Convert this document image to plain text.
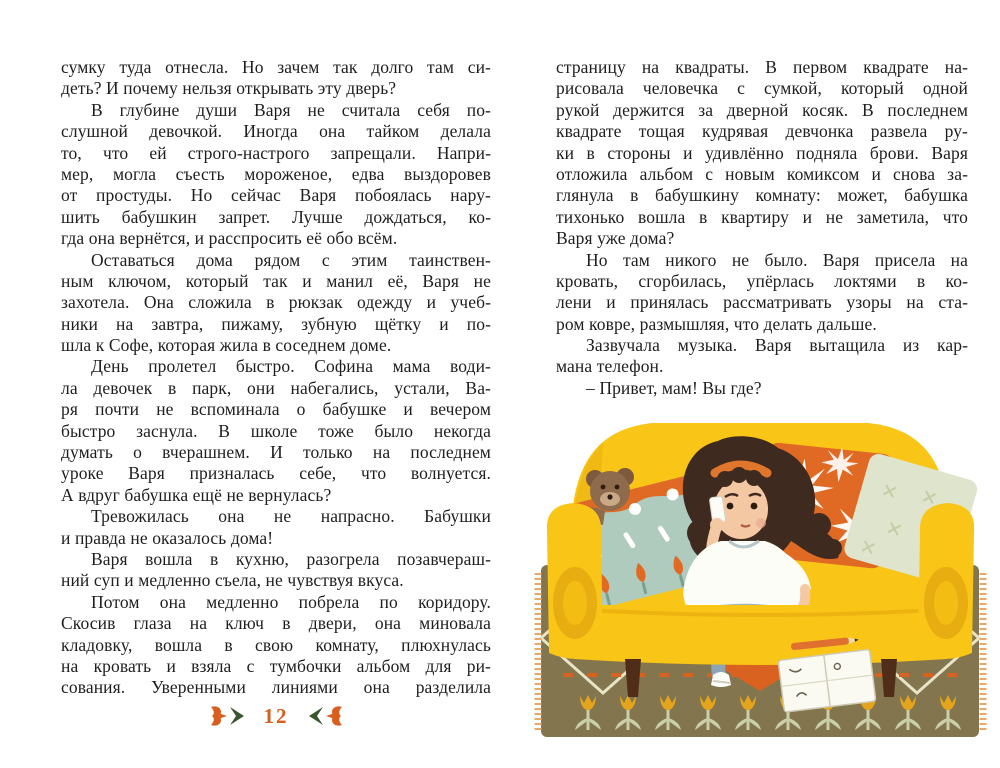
сумку туда отнесла. Но зачем так долго там си-
деть? И почему нельзя открывать эту дверь?
В глубине души Варя не считала себя по-
слушной девочкой. Иногда она тайком делала
то, что ей строго-настрого запрещали. Напри-
мер, могла съесть мороженое, едва выздоровев
от простуды. Но сейчас Варя побоялась нару-
шить бабушкин запрет. Лучше дождаться, ко-
гда она вернётся, и расспросить её обо всём.
Оставаться дома рядом с этим таинствен-
ным ключом, который так и манил её, Варя не
захотела. Она сложила в рюкзак одежду и учеб-
ники на завтра, пижаму, зубную щётку и по-
шла к Софе, которая жила в соседнем доме.
День пролетел быстро. Софина мама води-
ла девочек в парк, они набегались, устали, Ва-
ря почти не вспоминала о бабушке и вечером
быстро заснула. В школе тоже было некогда
думать о вчерашнем. И только на последнем
уроке Варя призналась себе, что волнуется.
А вдруг бабушка ещё не вернулась?
Тревожилась она не напрасно. Бабушки
и правда не оказалось дома!
Варя вошла в кухню, разогрела позавчераш-
ний суп и медленно съела, не чувствуя вкуса.
Потом она медленно побрела по коридору.
Скосив глаза на ключ в двери, она миновала
кладовку, вошла в свою комнату, плюхнулась
на кровать и взяла с тумбочки альбом для ри-
сования. Уверенными линиями она разделила
страницу на квадраты. В первом квадрате на-
рисовала человечка с сумкой, который одной
рукой держится за дверной косяк. В последнем
квадрате тощая кудрявая девчонка развела ру-
ки в стороны и удивлённо подняла брови. Варя
отложила альбом с новым комиксом и снова за-
глянула в бабушкину комнату: может, бабушка
тихонько вошла в квартиру и не заметила, что
Варя уже дома?
Но там никого не было. Варя присела на
кровать, сгорбилась, упёрлась локтями в ко-
лени и принялась рассматривать узоры на ста-
ром ковре, размышляя, что делать дальше.
Зазвучала музыка. Варя вытащила из кар-
мана телефон.
– Привет, мам! Вы где?
12
